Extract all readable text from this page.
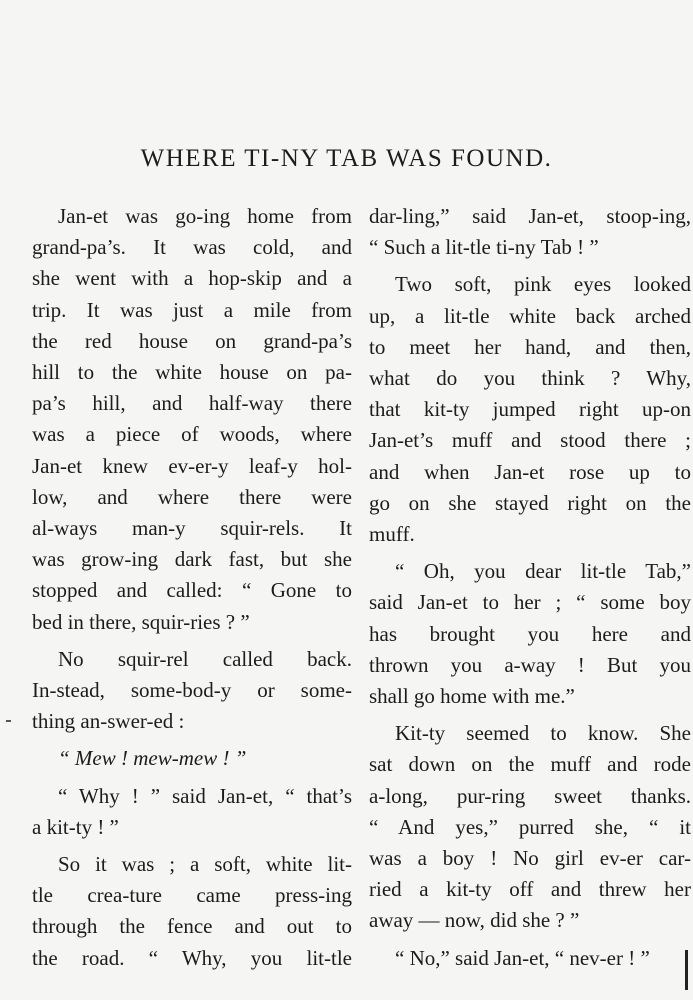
WHERE TI-NY TAB WAS FOUND.

Jan-et was go-ing home from

grand-pa’s. It was cold, and

she went with a hop-skip and a

trip. It was just a mile from

the red house on grand-pa’s

hill to the white house on pa-

pa’s hill, and half-way there

was a piece of woods, where

Jan-et knew ev-er-y leaf-y hol-

low, and where there were

al-ways man-y squir-rels. It

was grow-ing dark fast, but she

stopped and called: “ Gone to

bed in there, squir-ries ? ”

No squir-rel called back.

In-stead, some-bod-y or some-

thing an-swer-ed :

“ Mew ! mew-mew ! ”

“ Why ! ” said Jan-et, “ that’s

a kit-ty ! ”

So it was ; a soft, white lit-

tle crea-ture came press-ing

through the fence and out to

the road. “ Why, you lit-tle

dar-ling,” said Jan-et, stoop-ing,

“ Such a lit-tle ti-ny Tab ! ”

Two soft, pink eyes looked

up, a lit-tle white back arched

to meet her hand, and then,

what do you think ? Why,

that kit-ty jumped right up-on

Jan-et’s muff and stood there ;

and when Jan-et rose up to

go on she stayed right on the

muff.

“ Oh, you dear lit-tle Tab,”

said Jan-et to her ; “ some boy

has brought you here and

thrown you a-way ! But you

shall go home with me.”

Kit-ty seemed to know. She

sat down on the muff and rode

a-long, pur-ring sweet thanks.

“ And yes,” purred she, “ it

was a boy ! No girl ev-er car-

ried a kit-ty off and threw her

away — now, did she ? ”

“ No,” said Jan-et, “ nev-er ! ”
